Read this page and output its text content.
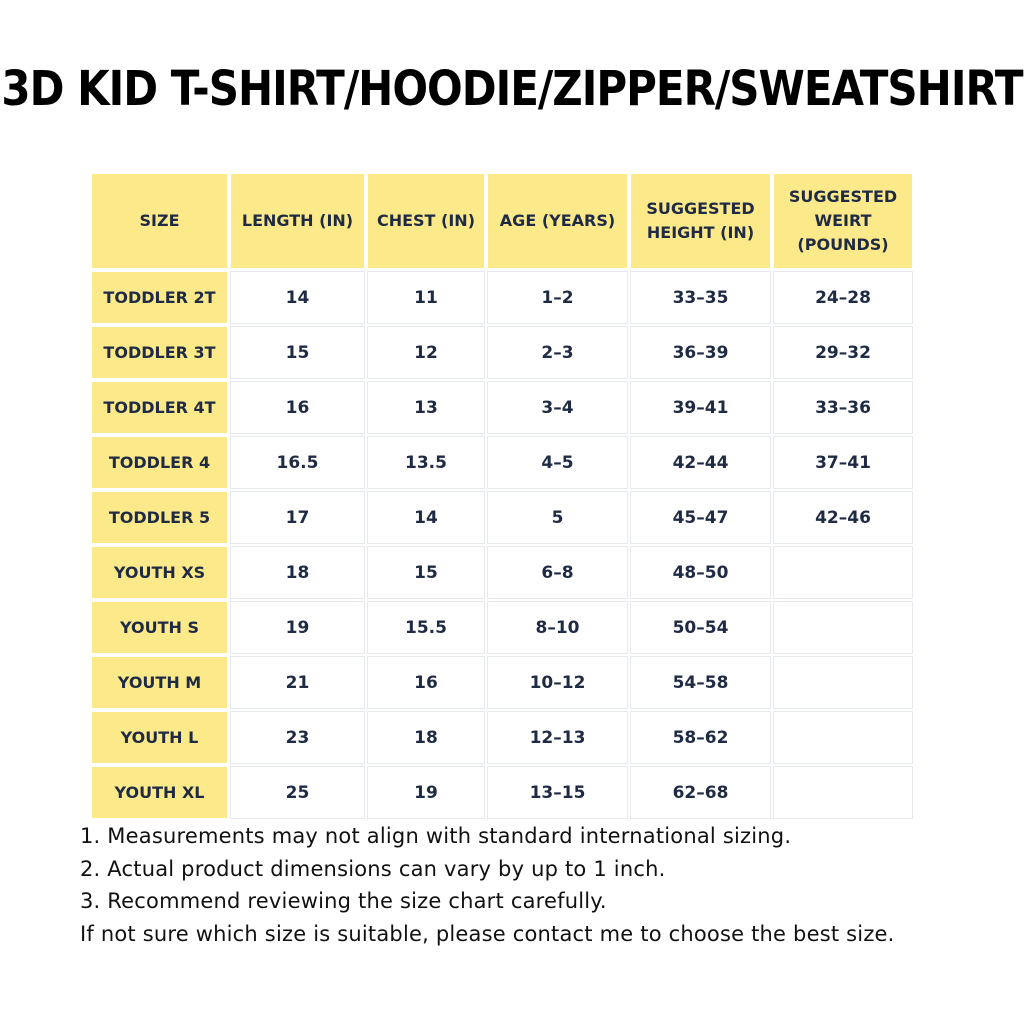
3D KID T-SHIRT/HOODIE/ZIPPER/SWEATSHIRT
SIZE	LENGTH (IN)	CHEST (IN)	AGE (YEARS)	SUGGESTED HEIGHT (IN)	SUGGESTED WEIRT (POUNDS)
TODDLER 2T	14	11	1–2	33–35	24–28
TODDLER 3T	15	12	2–3	36–39	29–32
TODDLER 4T	16	13	3–4	39–41	33–36
TODDLER 4	16.5	13.5	4–5	42–44	37–41
TODDLER 5	17	14	5	45–47	42–46
YOUTH XS	18	15	6–8	48–50	
YOUTH S	19	15.5	8–10	50–54	
YOUTH M	21	16	10–12	54–58	
YOUTH L	23	18	12–13	58–62	
YOUTH XL	25	19	13–15	62–68	
1. Measurements may not align with standard international sizing.
2. Actual product dimensions can vary by up to 1 inch.
3. Recommend reviewing the size chart carefully.
If not sure which size is suitable, please contact me to choose the best size.
